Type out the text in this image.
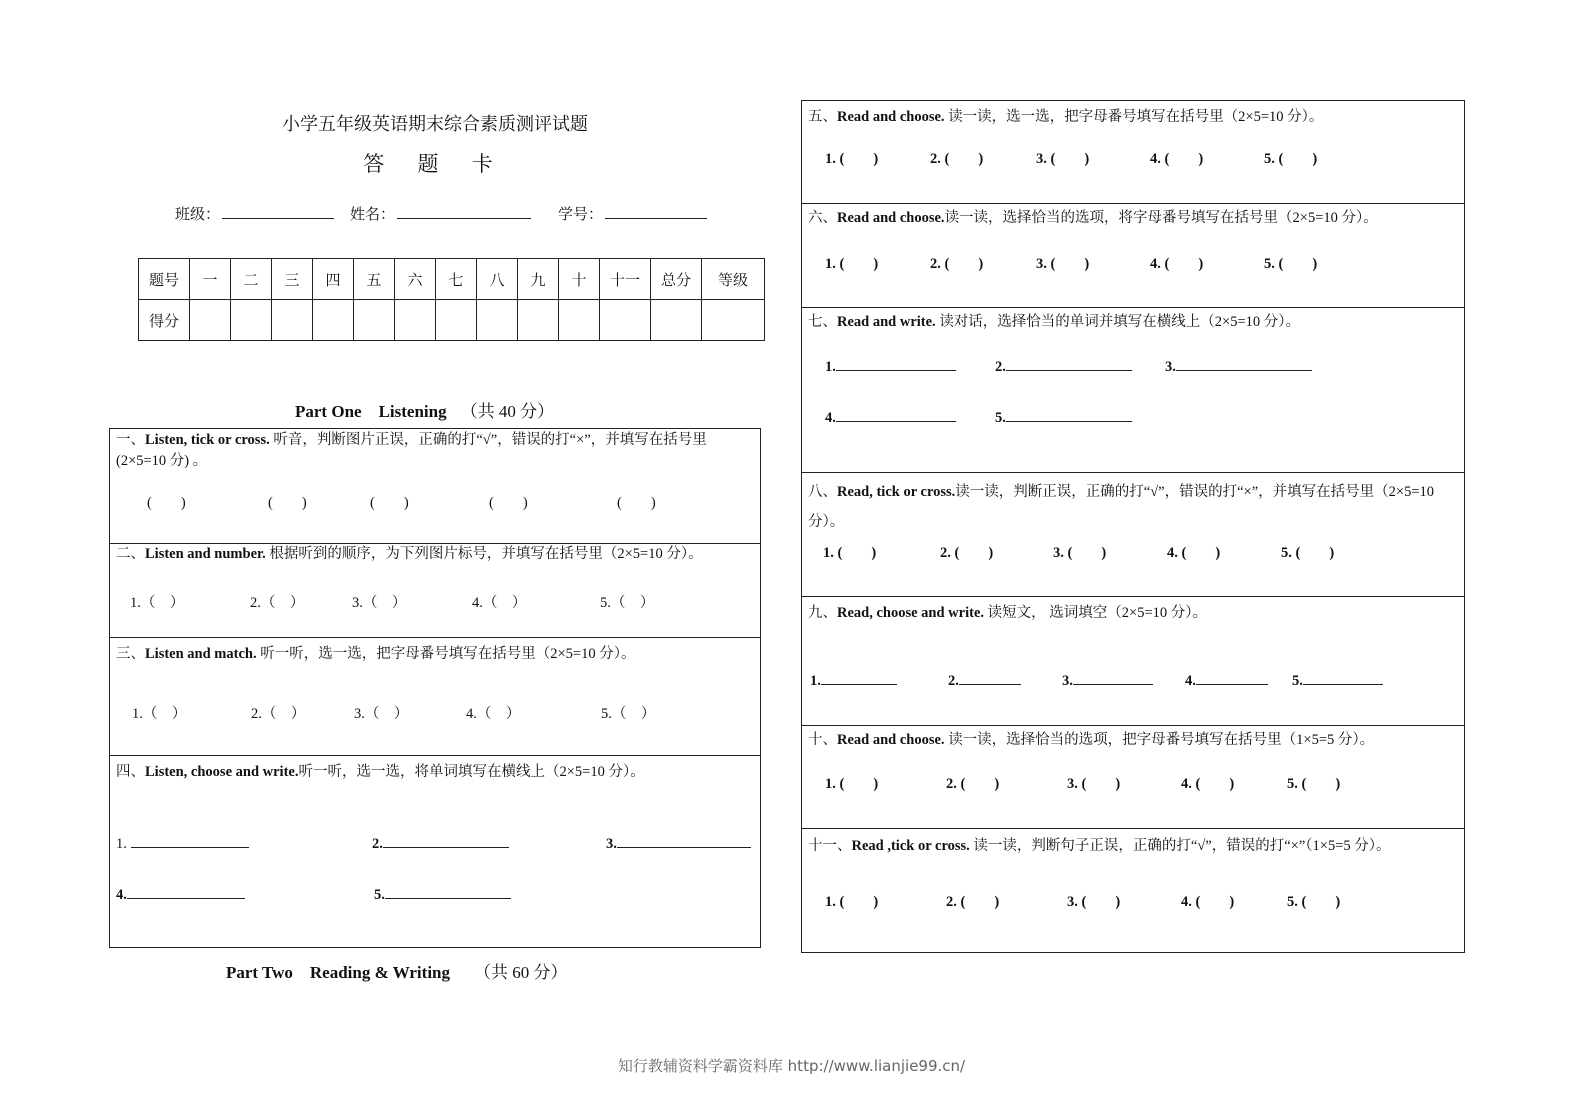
小学五年级英语期末综合素质测评试题
答 题 卡
班级：	姓名：	学号：
题号	一	二	三	四	五	六	七	八	九	十	十一	总分	等级
得分													
Part One　Listening （共 40 分）
一、Listen, tick or cross. 听音，判断图片正误，正确的打“√”，错误的打“×”，并填写在括号里(2×5=10 分) 。
(　　)	(　　)	(　　)	(　　)	(　　)
二、Listen and number. 根据听到的顺序，为下列图片标号，并填写在括号里（2×5=10 分）。
1.（　）	2.（　）	3.（　）	4.（　）	5.（　）
三、Listen and match. 听一听，选一选，把字母番号填写在括号里（2×5=10 分）。
1.（　）	2.（　）	3.（　）	4.（　）	5.（　）
四、Listen, choose and write.听一听，选一选，将单词填写在横线上（2×5=10 分）。
1.	2.	3.
4.	5.
Part Two　Reading & Writing （共 60 分）
五、Read and choose. 读一读，选一选，把字母番号填写在括号里（2×5=10 分）。
1. (　　)	2. (　　)	3. (　　)	4. (　　)	5. (　　)
六、Read and choose.读一读，选择恰当的选项，将字母番号填写在括号里（2×5=10 分）。
1. (　　)	2. (　　)	3. (　　)	4. (　　)	5. (　　)
七、Read and write. 读对话，选择恰当的单词并填写在横线上（2×5=10 分）。
1.	2.	3.
4.	5.
八、Read, tick or cross.读一读，判断正误，正确的打“√”，错误的打“×”，并填写在括号里（2×5=10 分）。
1. (　　)	2. (　　)	3. (　　)	4. (　　)	5. (　　)
九、Read, choose and write. 读短文， 选词填空（2×5=10 分）。
1.	2.	3.	4.	5.
十、Read and choose. 读一读，选择恰当的选项，把字母番号填写在括号里（1×5=5 分）。
1. (　　)	2. (　　)	3. (　　)	4. (　　)	5. (　　)
十一、Read ,tick or cross. 读一读，判断句子正误，正确的打“√”，错误的打“×”（1×5=5 分）。
1. (　　)	2. (　　)	3. (　　)	4. (　　)	5. (　　)
知行教辅资料学霸资料库 http://www.lianjie99.cn/
